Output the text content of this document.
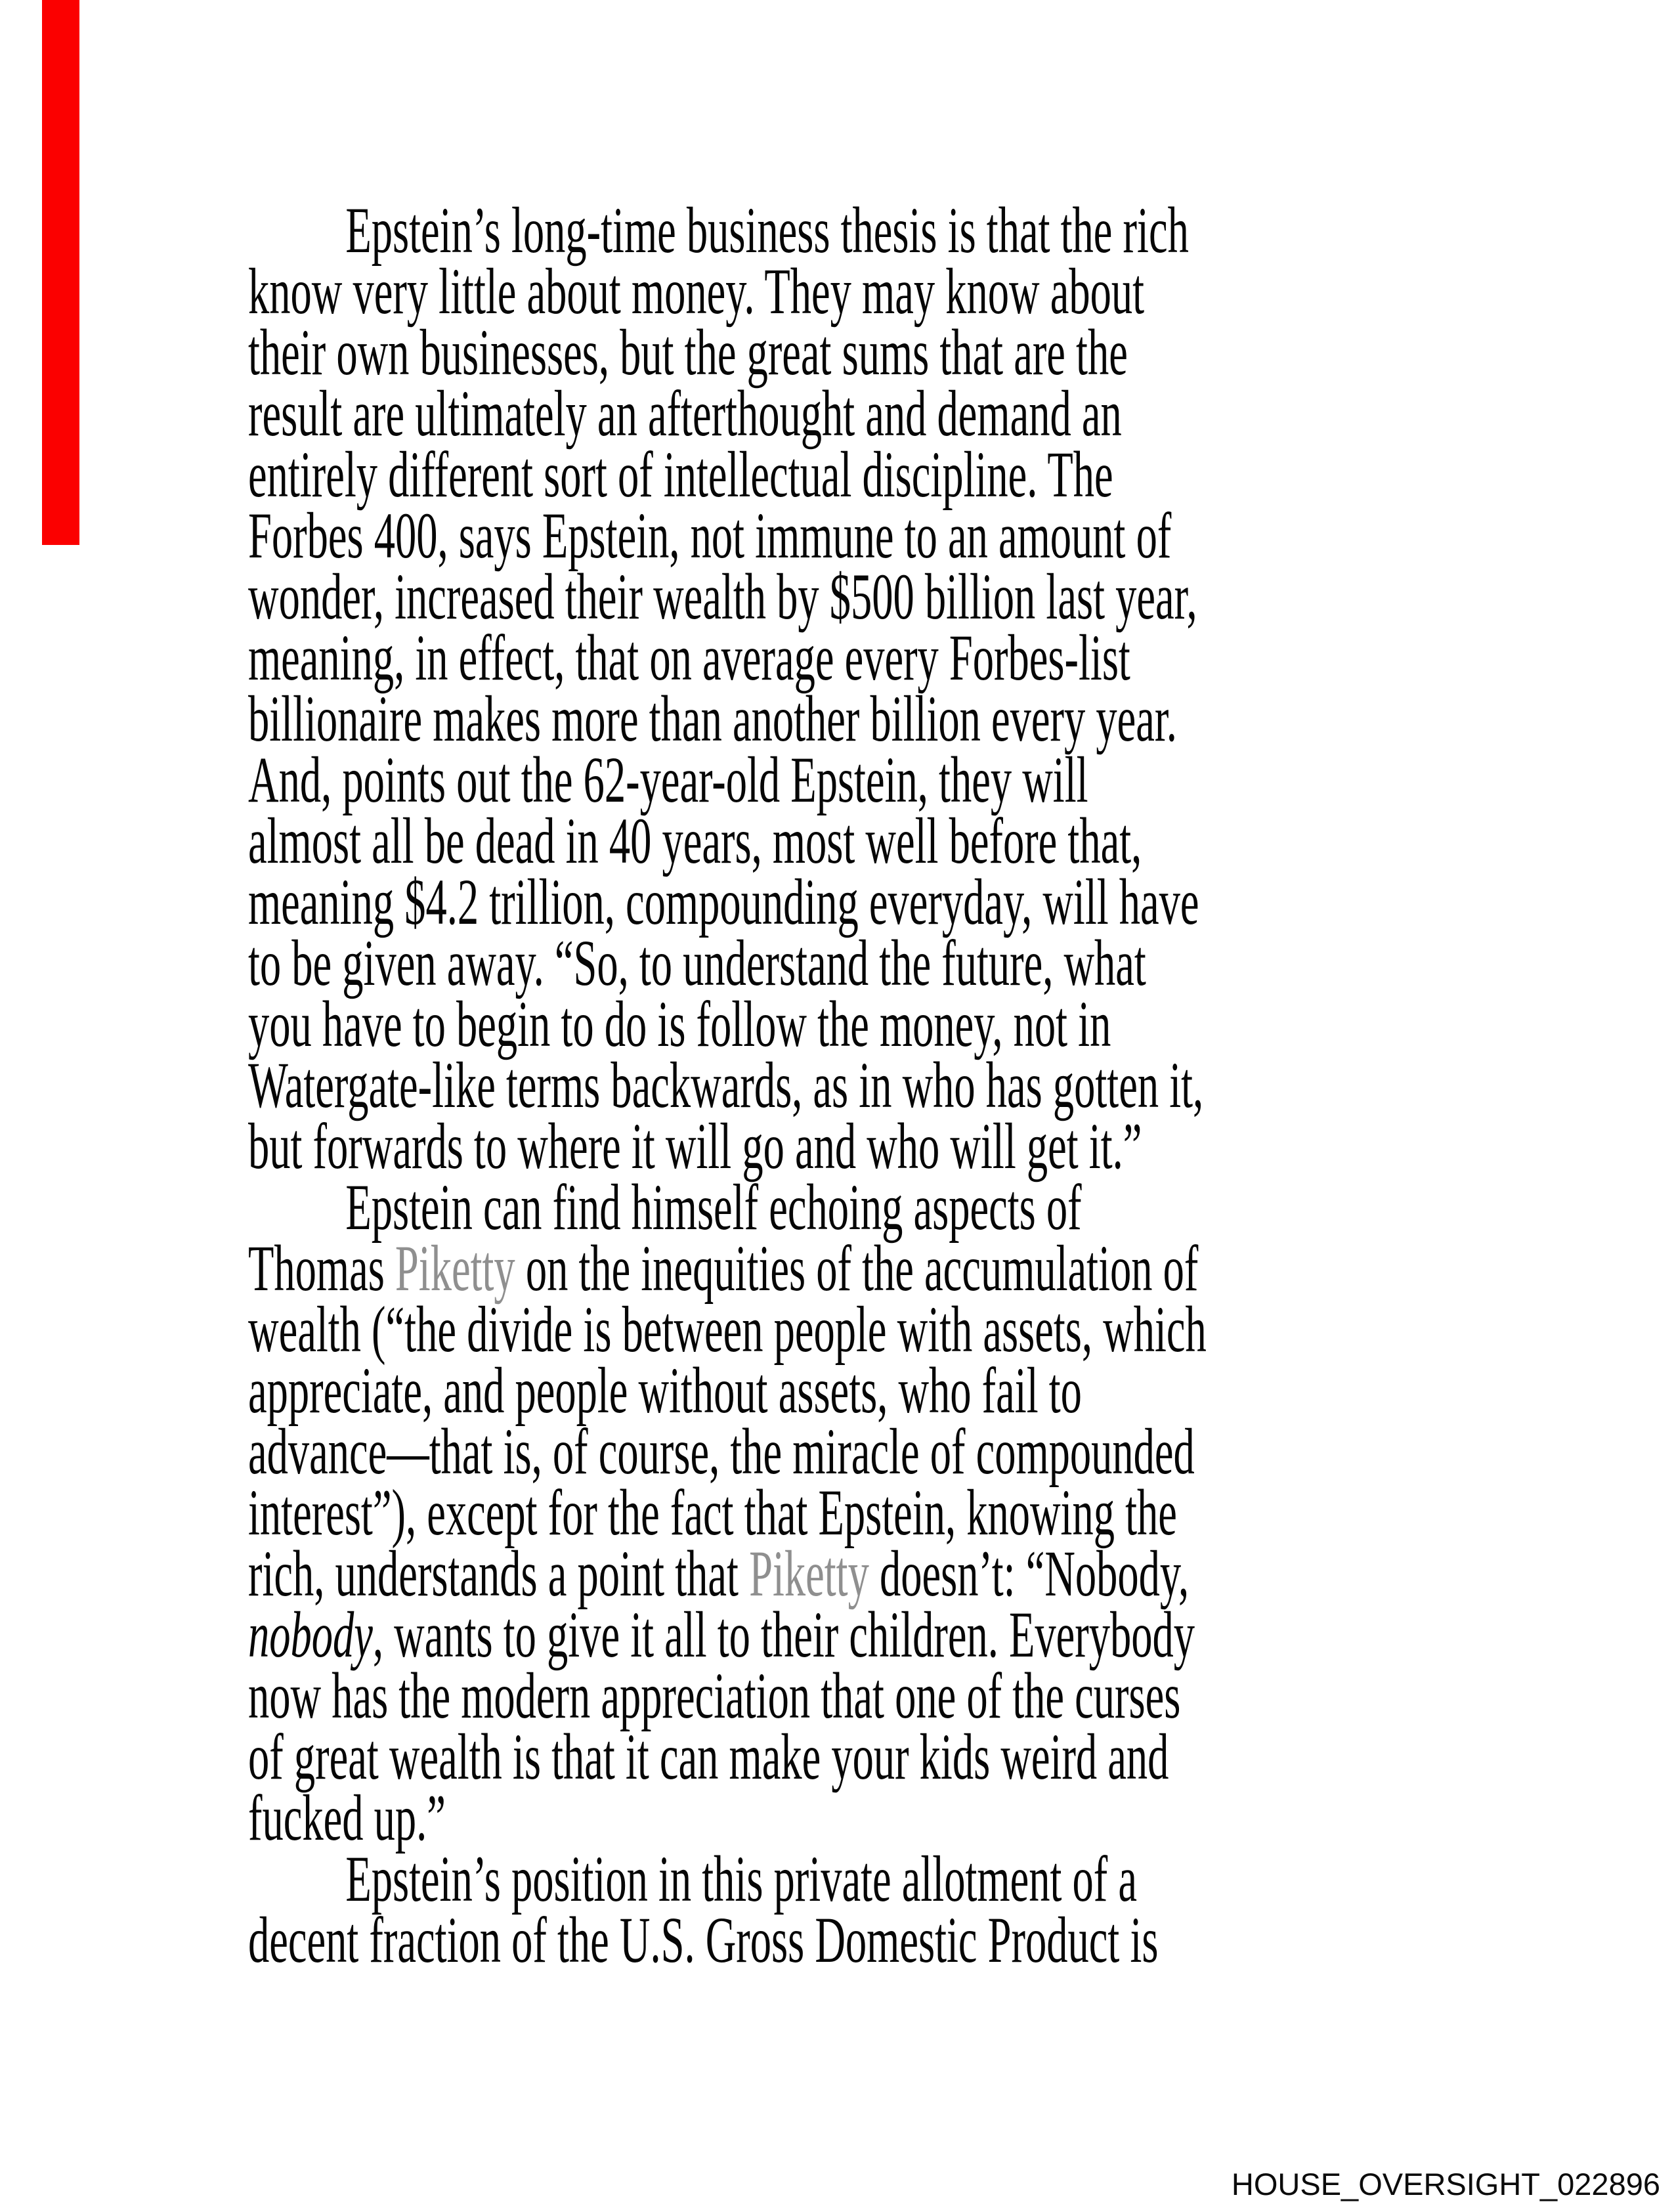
Epstein’s long-time business thesis is that the rich
know very little about money. They may know about
their own businesses, but the great sums that are the
result are ultimately an afterthought and demand an
entirely different sort of intellectual discipline. The
Forbes 400, says Epstein, not immune to an amount of
wonder, increased their wealth by $500 billion last year,
meaning, in effect, that on average every Forbes-list
billionaire makes more than another billion every year.
And, points out the 62-year-old Epstein, they will
almost all be dead in 40 years, most well before that,
meaning $4.2 trillion, compounding everyday, will have
to be given away. “So, to understand the future, what
you have to begin to do is follow the money, not in
Watergate-like terms backwards, as in who has gotten it,
but forwards to where it will go and who will get it.”
Epstein can find himself echoing aspects of
Thomas Piketty on the inequities of the accumulation of
wealth (“the divide is between people with assets, which
appreciate, and people without assets, who fail to
advance—that is, of course, the miracle of compounded
interest”), except for the fact that Epstein, knowing the
rich, understands a point that Piketty doesn’t: “Nobody,
nobody, wants to give it all to their children. Everybody
now has the modern appreciation that one of the curses
of great wealth is that it can make your kids weird and
fucked up.”
Epstein’s position in this private allotment of a
decent fraction of the U.S. Gross Domestic Product is
HOUSE_OVERSIGHT_022896
